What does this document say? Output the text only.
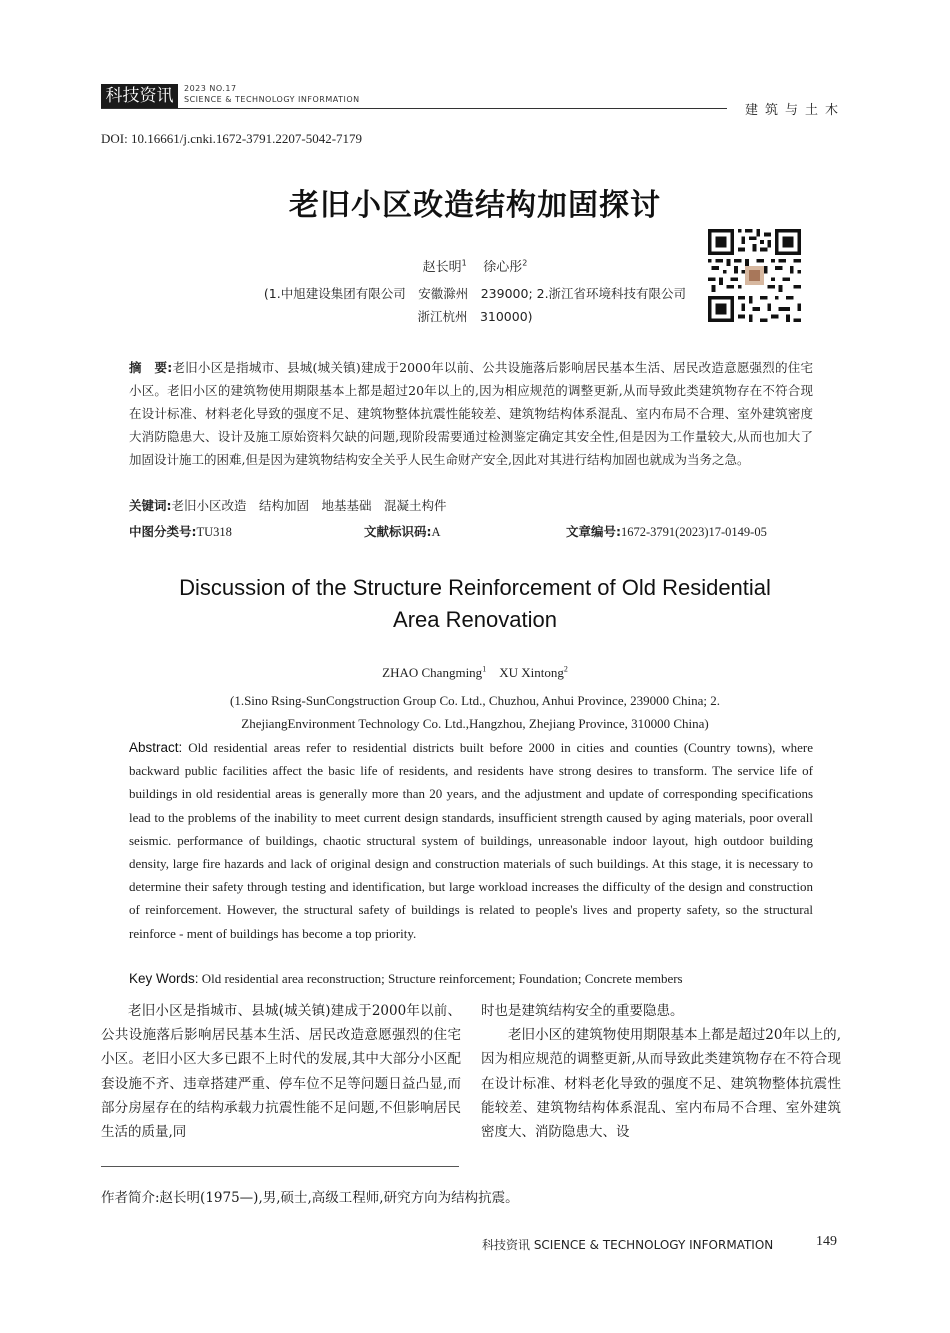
科技资讯	2023 NO.17
SCIENCE & TECHNOLOGY INFORMATION
建筑与土木
DOI: 10.16661/j.cnki.1672-3791.2207-5042-7179
老旧小区改造结构加固探讨
赵长明$^1$ 徐心彤$^2$
(1.中旭建设集团有限公司　安徽滁州　239000; 2.浙江省环境科技有限公司
浙江杭州　310000)
摘　要:老旧小区是指城市、县城(城关镇)建成于2000年以前、公共设施落后影响居民基本生活、居民改造意愿强烈的住宅小区。老旧小区的建筑物使用期限基本上都是超过20年以上的,因为相应规范的调整更新,从而导致此类建筑物存在不符合现在设计标准、材料老化导致的强度不足、建筑物整体抗震性能较差、建筑物结构体系混乱、室内布局不合理、室外建筑密度大消防隐患大、设计及施工原始资料欠缺的问题,现阶段需要通过检测鉴定确定其安全性,但是因为工作量较大,从而也加大了加固设计施工的困难,但是因为建筑物结构安全关乎人民生命财产安全,因此对其进行结构加固也就成为当务之急。
关键词:老旧小区改造　结构加固　地基基础　混凝土构件
中图分类号:TU318	文献标识码:A	文章编号:1672-3791(2023)17-0149-05
Discussion of the Structure Reinforcement of Old Residential
Area Renovation
ZHAO Changming$^1$ XU Xintong$^2$
(1.Sino Rsing-SunCongstruction Group Co. Ltd., Chuzhou, Anhui Province, 239000 China; 2.
ZhejiangEnvironment Technology Co. Ltd.,Hangzhou, Zhejiang Province, 310000 China)
Abstract: Old residential areas refer to residential districts built before 2000 in cities and counties (Country towns), where backward public facilities affect the basic life of residents, and residents have strong desires to transform. The service life of buildings in old residential areas is generally more than 20 years, and the adjustment and update of corresponding specifications lead to the problems of the inability to meet current design standards, insufficient strength caused by aging materials, poor overall seismic. performance of buildings, chaotic structural system of buildings, unreasonable indoor layout, high outdoor building density, large fire hazards and lack of original design and construction materials of such buildings. At this stage, it is necessary to determine their safety through testing and identification, but large workload increases the difficulty of the design and construction of reinforcement. However, the structural safety of buildings is related to people's lives and property safety, so the structural reinforce - ment of buildings has become a top priority.
Key Words: Old residential area reconstruction; Structure reinforcement; Foundation; Concrete members

老旧小区是指城市、县城(城关镇)建成于2000年以前、公共设施落后影响居民基本生活、居民改造意愿强烈的住宅小区。老旧小区大多已跟不上时代的发展,其中大部分小区配套设施不齐、违章搭建严重、停车位不足等问题日益凸显,而部分房屋存在的结构承载力抗震性能不足问题,不但影响居民生活的质量,同

时也是建筑结构安全的重要隐患。

老旧小区的建筑物使用期限基本上都是超过20年以上的,因为相应规范的调整更新,从而导致此类建筑物存在不符合现在设计标准、材料老化导致的强度不足、建筑物整体抗震性能较差、建筑物结构体系混乱、室内布局不合理、室外建筑密度大、消防隐患大、设

作者简介:赵长明(1975—),男,硕士,高级工程师,研究方向为结构抗震。
科技资讯 SCIENCE & TECHNOLOGY INFORMATION	149
